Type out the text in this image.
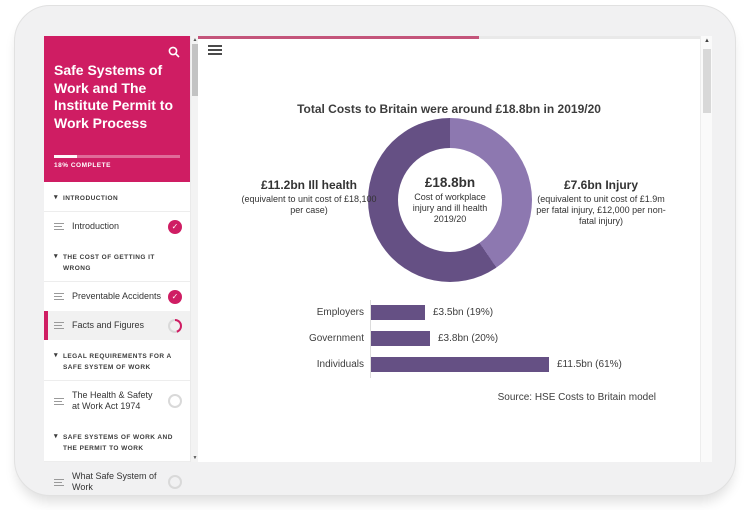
Safe Systems of Work and The Institute Permit to Work Process
18% COMPLETE
▾ INTRODUCTION
Introduction	✓
▾ THE COST OF GETTING IT WRONG
Preventable Accidents	✓
Facts and Figures
▾ LEGAL REQUIREMENTS FOR A SAFE SYSTEM OF WORK
The Health & Safety at Work Act 1974
▾ SAFE SYSTEMS OF WORK AND THE PERMIT TO WORK
What Safe System of Work
▲
▼
Total Costs to Britain were around £18.8bn in 2019/20
£18.8bn
Cost of workplace injury and ill health 2019/20
£11.2bn Ill health
(equivalent to unit cost of £18,100 per case)
£7.6bn Injury
(equivalent to unit cost of £1.9m per fatal injury, £12,000 per non-fatal injury)
Employers
Government
Individuals
£3.5bn (19%)
£3.8bn (20%)
£11.5bn (61%)
Source: HSE Costs to Britain model
▲
